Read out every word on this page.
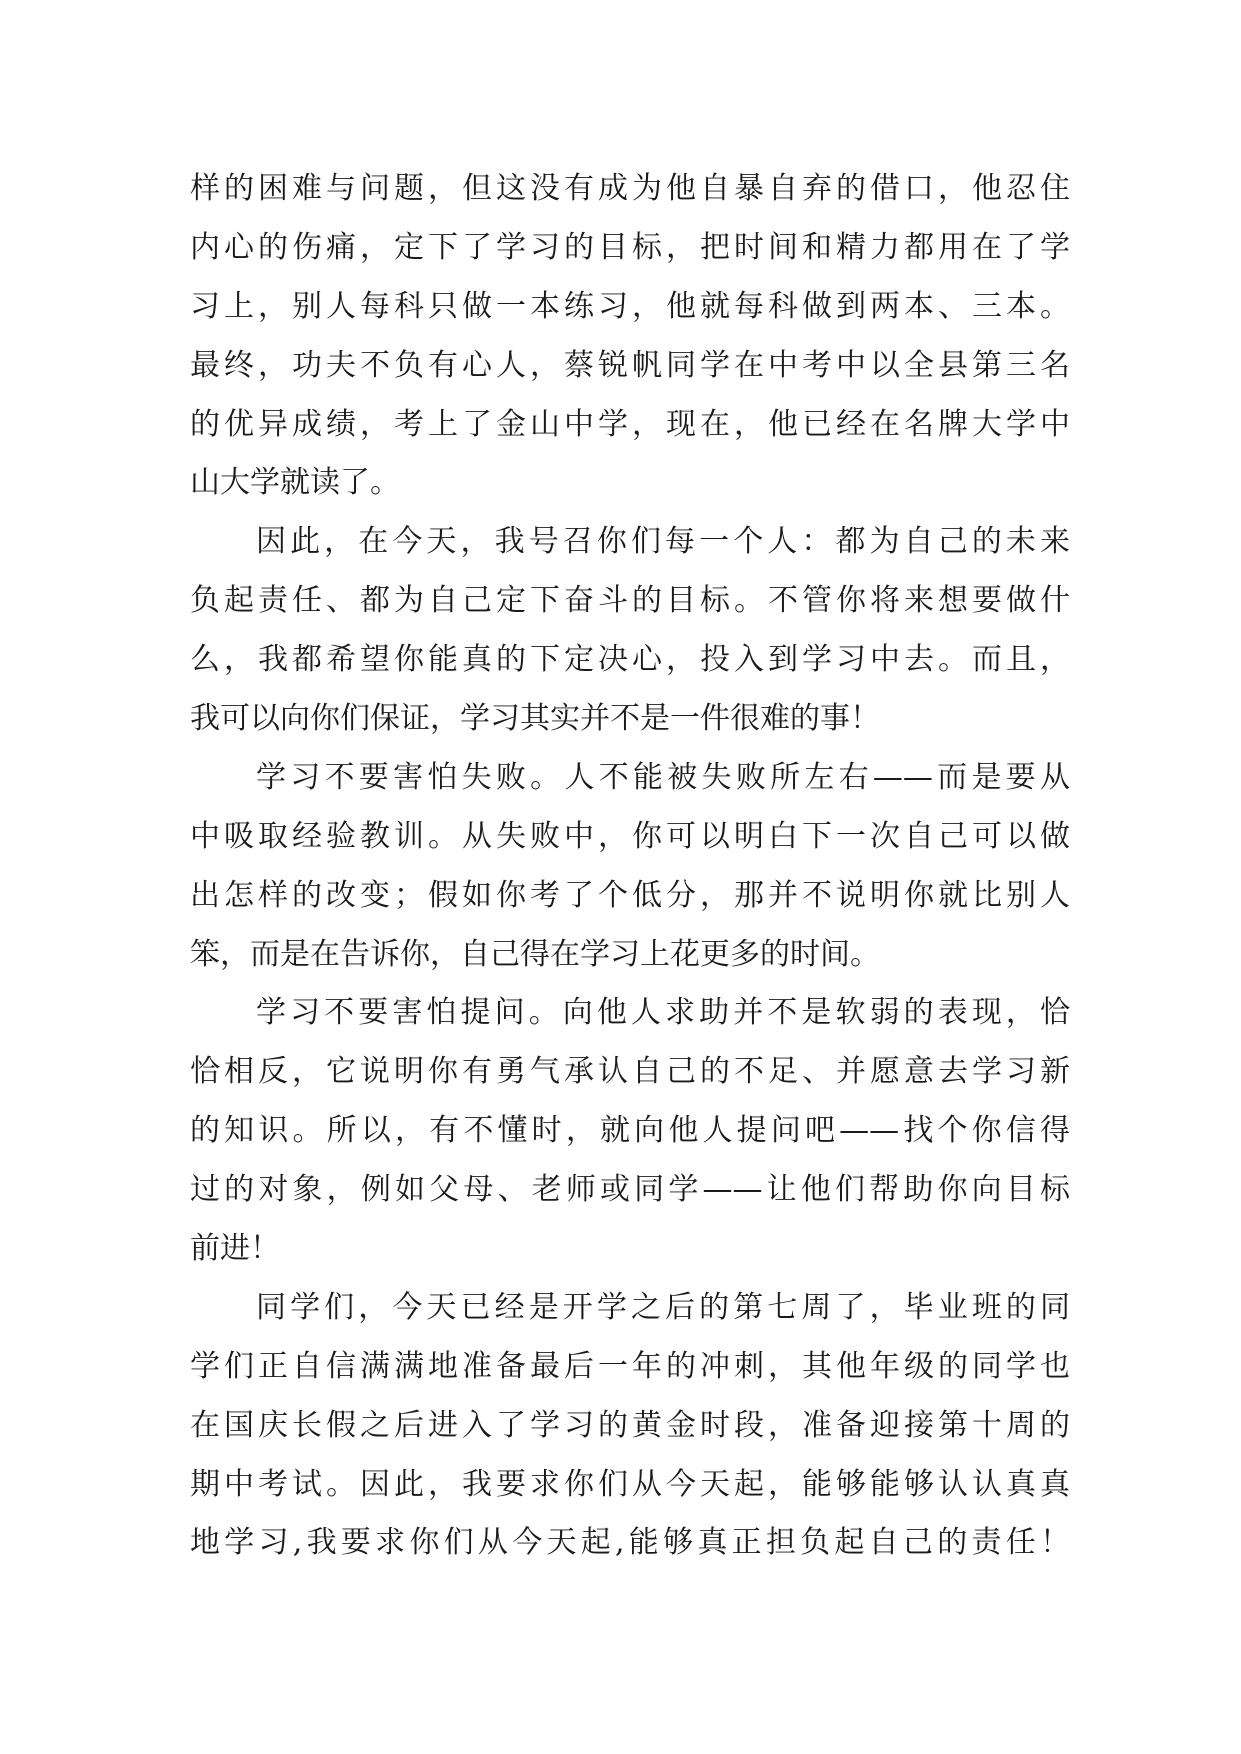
样的困难与问题，但这没有成为他自暴自弃的借口，他忍住
内心的伤痛，定下了学习的目标，把时间和精力都用在了学
习上，别人每科只做一本练习，他就每科做到两本、三本。
最终，功夫不负有心人，蔡锐帆同学在中考中以全县第三名
的优异成绩，考上了金山中学，现在，他已经在名牌大学中
山大学就读了。
因此，在今天，我号召你们每一个人：都为自己的未来
负起责任、都为自己定下奋斗的目标。不管你将来想要做什
么，我都希望你能真的下定决心，投入到学习中去。而且，
我可以向你们保证，学习其实并不是一件很难的事！
学习不要害怕失败。人不能被失败所左右——而是要从
中吸取经验教训。从失败中，你可以明白下一次自己可以做
出怎样的改变；假如你考了个低分，那并不说明你就比别人
笨，而是在告诉你，自己得在学习上花更多的时间。
学习不要害怕提问。向他人求助并不是软弱的表现，恰
恰相反，它说明你有勇气承认自己的不足、并愿意去学习新
的知识。所以，有不懂时，就向他人提问吧——找个你信得
过的对象，例如父母、老师或同学——让他们帮助你向目标
前进！
同学们，今天已经是开学之后的第七周了，毕业班的同
学们正自信满满地准备最后一年的冲刺，其他年级的同学也
在国庆长假之后进入了学习的黄金时段，准备迎接第十周的
期中考试。因此，我要求你们从今天起，能够能够认认真真
地学习,我要求你们从今天起,能够真正担负起自己的责任！
